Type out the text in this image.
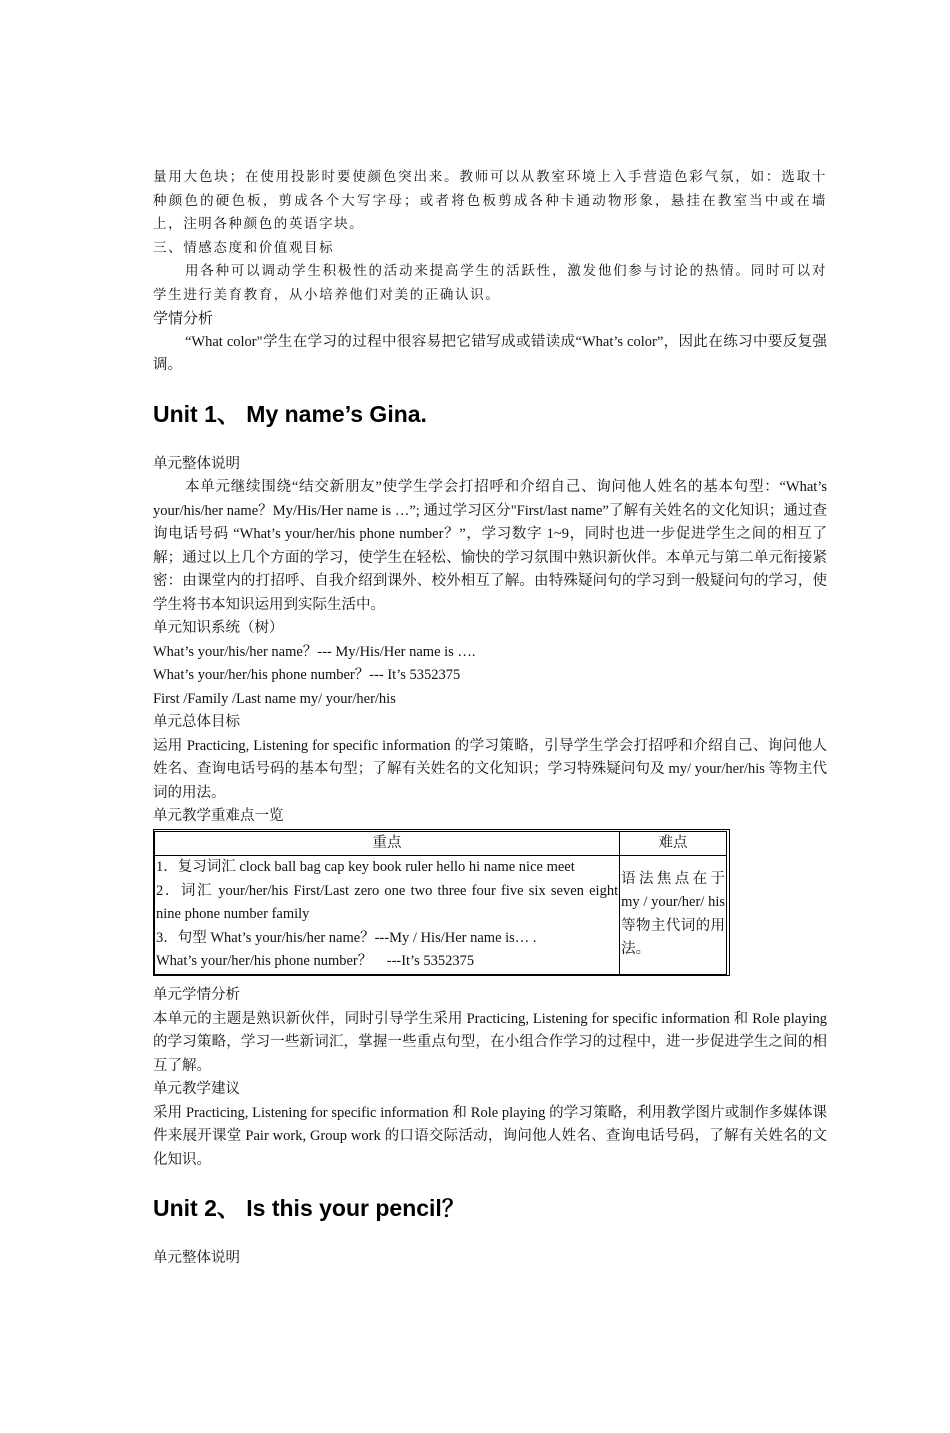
量用大色块；在使用投影时要使颜色突出来。教师可以从教室环境上入手营造色彩气氛，如：选取十种颜色的硬色板，剪成各个大写字母；或者将色板剪成各种卡通动物形象，悬挂在教室当中或在墙上，注明各种颜色的英语字块。

三、情感态度和价值观目标

用各种可以调动学生积极性的活动来提高学生的活跃性，激发他们参与讨论的热情。同时可以对学生进行美育教育，从小培养他们对美的正确认识。

学情分析

“What color"学生在学习的过程中很容易把它错写成或错读成“What’s color”，因此在练习中要反复强调。

Unit 1、 My name’s Gina.

单元整体说明

本单元继续围绕“结交新朋友”使学生学会打招呼和介绍自己、询问他人姓名的基本句型：“What’s your/his/her name？My/His/Her name is …”; 通过学习区分"First/last name”了解有关姓名的文化知识；通过查询电话号码 “What’s your/her/his phone number？”，学习数字 1~9，同时也进一步促进学生之间的相互了解；通过以上几个方面的学习，使学生在轻松、愉快的学习氛围中熟识新伙伴。本单元与第二单元衔接紧密：由课堂内的打招呼、自我介绍到课外、校外相互了解。由特殊疑问句的学习到一般疑问句的学习，使学生将书本知识运用到实际生活中。

单元知识系统（树）

What’s your/his/her name？--- My/His/Her name is ….

What’s your/her/his phone number？--- It’s 5352375

First /Family /Last name my/ your/her/his

单元总体目标

运用 Practicing, Listening for specific information 的学习策略，引导学生学会打招呼和介绍自己、询问他人姓名、查询电话号码的基本句型；了解有关姓名的文化知识；学习特殊疑问句及 my/ your/her/his 等物主代词的用法。

单元教学重难点一览

重点	难点

1．复习词汇 clock ball bag cap key book ruler hello hi name nice meet
2．词汇 your/her/his First/Last zero one two three four five six seven eight nine phone number family
3．句型 What’s your/his/her name？---My / His/Her name is… .
What’s your/her/his phone number？　---It’s 5352375	语法焦点在于 my / your/her/ his 等物主代词的用法。

单元学情分析

本单元的主题是熟识新伙伴，同时引导学生采用 Practicing, Listening for specific information 和 Role playing 的学习策略，学习一些新词汇，掌握一些重点句型，在小组合作学习的过程中，进一步促进学生之间的相互了解。

单元教学建议

采用 Practicing, Listening for specific information 和 Role playing 的学习策略，利用教学图片或制作多媒体课件来展开课堂 Pair work, Group work 的口语交际活动，询问他人姓名、查询电话号码，了解有关姓名的文化知识。

Unit 2、 Is this your pencil？

单元整体说明
